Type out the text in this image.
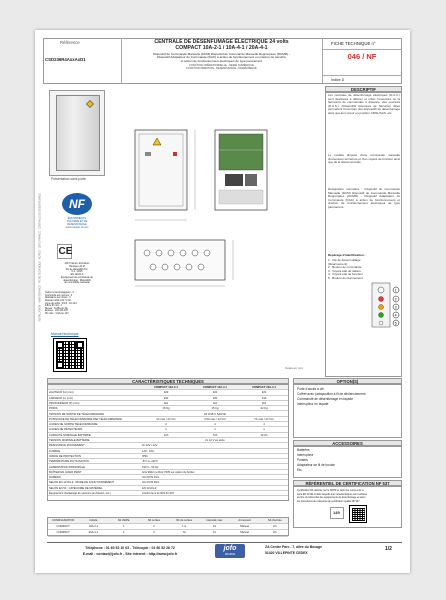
Référence
CSD236R4AxxAxD1
CENTRALE DE DÉSENFUMAGE ÉLECTRIQUE 24 volts
COMPACT 10A-2-1 / 10A-4-1 / 20A-4-1
Dispositif de Commande Manuelle (DCM) Dispositif de Commande Manuelle Regroupées (DCMR) -
Dispositif Adaptateur de Commande (DAC) à action de fonctionnement ou mission de sécurité
et action de fonctionnement électriques de type parorament
FONCTION OPÉRATIONNELLE - DEDIÉ NUMÉRIQUE
FONCTION ARMATION - DESENFUMAGE - PERMANENCE
FICHE TECHNIQUE n°
046 / NF
Indice D
Présentation sans porte
NF
ÉQUIPEMENTS
D'ALARME ET DE
DÉSENFUMAGE
www.marque-nf.com
CE
2017 Neutre Jornolieux
Bonniere 24 M
Fin de dispositifs 8-1,
8-1 - 2015
EN 12101-9
Équipement de commande de
désenfumage - Dispositifs
de commande manuelle
Cahier à l'accompagnant : 4
Conformité aux normes : 2
Résistance aux chocs : 4
Réseau public 12V / 2 Ah
Ligne de sortie : 2/1/4 - 10-12 A
Indice IP mini : 2
Niveau : 6+26A de 34+
Entrées : 10A 10A 230
Nb nuits : 3 A/1ère 12V
Manuel technique
INSTALLATION · MAINTENANCE · FICHE TECHNIQUE · NOTICE · JOFO FRANCE · CENTRALE DE DÉSENFUMAGE
Cotes en mm
DESCRIPTIF
Les centrales de désenfumage électriques (D.A.C.) sont destinées à délivrer et initier l'ouverture ou la fermeture de commandes à distance, des ouvrants (D.A.S.), (Dispositifs Actionnés de Sécurité). Elles permettent l'ouverture des dispositifs de désenfumage ainsi que leur retour en position CMSL/SAS, etc.
Le modèle dispose d'une commande manuelle d'ouverture/ fermeture et d'un voyant de fonction ainsi que de la télécommande.
Désignation normative : Dispositif de Commande Manuelle (DCM) Dispositif de Commande Manuelle Regroupées (DCMR) - Dispositif Adaptateur de Commande (DAC) à action de fonctionnement et d'action de fonctionnement électriques de type parorament.
Repérage d'identification :
1 : Clé de déverrouillage (Réarmement)
2 : Bouton de commande
3 : Voyant état de défaut
4 : Voyant état de fonction
5 : Bouton de réarmement
1
2
3
4
5
CARACTÉRISTIQUES TECHNIQUES
COMPACT 10A-2-1	COMPACT 10A-4-1	COMPACT 20A-4-1
HAUTEUR (H) (mm)	320	320	320
LARGEUR (L) (mm)	230	230	230
PROFONDEUR (P) (mm)	110	110	110
POIDS	15 Kg	15 Kg	22 Kg
TENSION DE SORTIE DE TÉLÉCOMMANDE	24 V/48 V SAUVE
PUISSANCE DE TÉLÉCOMMANDE PAR TÉLÉCOMMANDE	1A max / 24 Vcc	3,5A max / 24 Vcc	7A max / 24 Vcc
LIGNES DE SORTIE TÉLÉCOMMANDE	2	4	4
LIGNES DE DÉTECTEURS	1	1	1
CAPACITÉ NOMINALE BATTERIE	1Ah	7Ah	12 Ah
TENSION NOMINALE BATTERIE	2x 12 V en série
RÉSISTANCE D'ISOLEMENT	3x 12V / 12V
FUSIBLE	1A2 ; 10A
INDICE DE PROTECTION	IP30
TEMPÉRATURE D'UTILISATION	-5°C à +40°C
ALIMENTATION PRINCIPALE	230 V~ 50 Hz
BOÎTIER EN ACIER PEINT	Gris 9002 ou RAL 7035 sur option du boîtier
NUMÉRO	Voir DOS 81/1
SELON EN 12101-9 : MODE DE FONCTIONNEMENT	Voir DOS 81/1
SELON EN 54 : CATÉGORIE DE MATÉRIEL	EN 12101-9
Équipement d'éclairage de secours (au besoin, etc.)	Conforme à la NFS 61 937
OPTION(S)
Porte d'accès à clé
Coffret avec juxtaposition à fil de déclenchement
Commande de désenfumage en façade
Interrupteur en façade
ACCESSOIRES
Batteries
Interrupteur
Pontets
Adaptateur de fil de boucle
Etc.
RÉFÉRENTIEL DE CERTIFICATION NF 537
Certification NF délivrée par le CNPP et selon les normes de la
série EN 12101-9 dans laquelle leur caractéristiques sont vérifiées
au titre du référentiel des équipements de désenfumage et selon
les procédures du référentiel de certification qualité NF 537
149
CONFIGURATION	Intitulé	Nb d'EPE	Nb sorties	Nb de sorties	Intensité max	Armement	Nb d'entrée
COMPACT	10A-2-1	1	2	1 A	1A	Manuel	2/1
COMPACT	20A-4-1	1	4	7A	7A	Manuel	2/1
Téléphone : 01 60 52 10 03 - Télécopie : 01 60 52 26 72
E-mail : contact@jofo.fr - Site internet : http://www.jofo.fr
jofo
FRANCE
ZA Centre Parc - 7, allée du Bocage
51420 VILLEPINTE CEDEX
1/2
